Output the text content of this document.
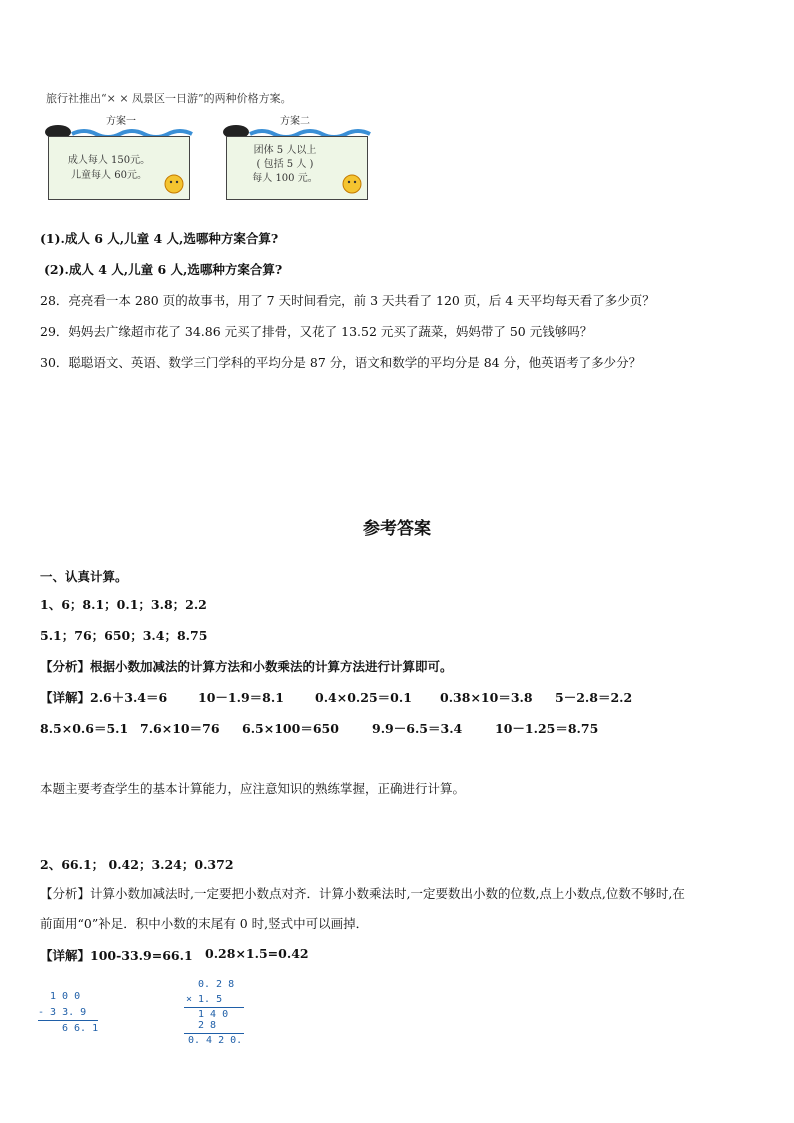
旅行社推出“× × 凤景区一日游”的两种价格方案。
方案一
成人每人 150元。
儿童每人 60元。
方案二
团体 5 人以上
( 包括 5 人 )
每人 100 元。
(1).成人 6 人,儿童 4 人,选哪种方案合算?
(2).成人 4 人,儿童 6 人,选哪种方案合算?
28．亮亮看一本 280 页的故事书，用了 7 天时间看完，前 3 天共看了 120 页，后 4 天平均每天看了多少页？
29．妈妈去广缘超市花了 34.86 元买了排骨，又花了 13.52 元买了蔬菜，妈妈带了 50 元钱够吗？
30．聪聪语文、英语、数学三门学科的平均分是 87 分，语文和数学的平均分是 84 分，他英语考了多少分？
参考答案
一、认真计算。
1、6；8.1；0.1；3.8；2.2
5.1；76；650；3.4；8.75
【分析】根据小数加减法的计算方法和小数乘法的计算方法进行计算即可。
【详解】2.6＋3.4＝6 10－1.9＝8.1 0.4×0.25＝0.1 0.38×10＝3.8 5－2.8＝2.2
8.5×0.6＝5.1 7.6×10＝76 6.5×100＝650	9.9－6.5＝3.4	10－1.25＝8.75
本题主要考查学生的基本计算能力，应注意知识的熟练掌握，正确进行计算。
2、66.1； 0.42；3.24；0.372
【分析】计算小数加减法时,一定要把小数点对齐．计算小数乘法时,一定要数出小数的位数,点上小数点,位数不够时,在
前面用“0”补足．积中小数的末尾有 0 时,竖式中可以画掉．
【详解】100-33.9=66.1 0.28×1.5=0.42
1 0 0
- 3 3. 9
6 6. 1
0. 2 8
× 1. 5
1 4 0
2 8
0. 4 2 0.
